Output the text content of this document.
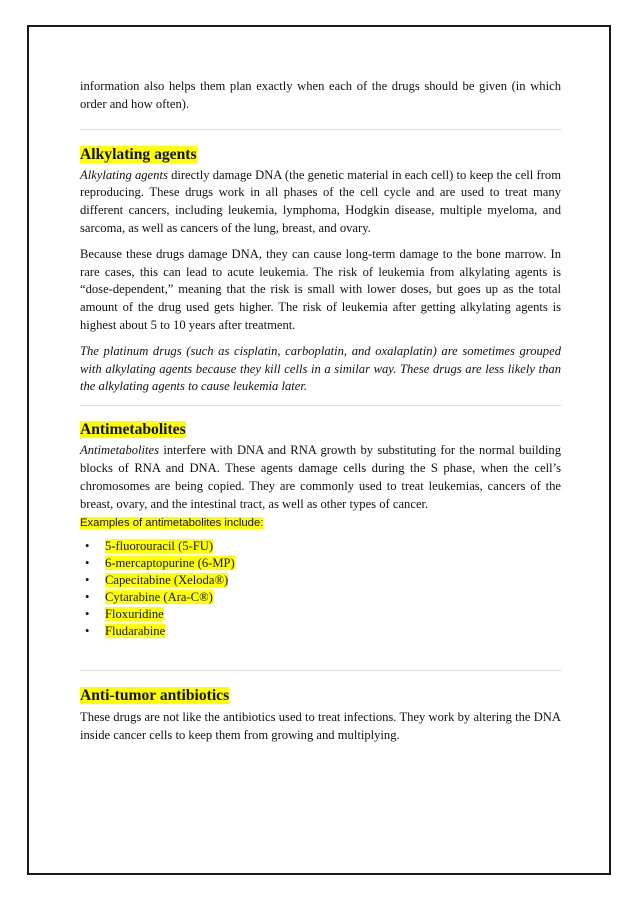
information also helps them plan exactly when each of the drugs should be given (in which order and how often).

Alkylating agents

Alkylating agents directly damage DNA (the genetic material in each cell) to keep the cell from reproducing. These drugs work in all phases of the cell cycle and are used to treat many different cancers, including leukemia, lymphoma, Hodgkin disease, multiple myeloma, and sarcoma, as well as cancers of the lung, breast, and ovary.

Because these drugs damage DNA, they can cause long-term damage to the bone marrow. In rare cases, this can lead to acute leukemia. The risk of leukemia from alkylating agents is “dose-dependent,” meaning that the risk is small with lower doses, but goes up as the total amount of the drug used gets higher. The risk of leukemia after getting alkylating agents is highest about 5 to 10 years after treatment.

The platinum drugs (such as cisplatin, carboplatin, and oxalaplatin) are sometimes grouped with alkylating agents because they kill cells in a similar way. These drugs are less likely than the alkylating agents to cause leukemia later.

Antimetabolites

Antimetabolites interfere with DNA and RNA growth by substituting for the normal building blocks of RNA and DNA. These agents damage cells during the S phase, when the cell’s chromosomes are being copied. They are commonly used to treat leukemias, cancers of the breast, ovary, and the intestinal tract, as well as other types of cancer.

Examples of antimetabolites include:
• 5-fluorouracil (5-FU)
• 6-mercaptopurine (6-MP)
• Capecitabine (Xeloda®)
• Cytarabine (Ara-C®)
• Floxuridine
• Fludarabine
Anti-tumor antibiotics

These drugs are not like the antibiotics used to treat infections. They work by altering the DNA inside cancer cells to keep them from growing and multiplying.
